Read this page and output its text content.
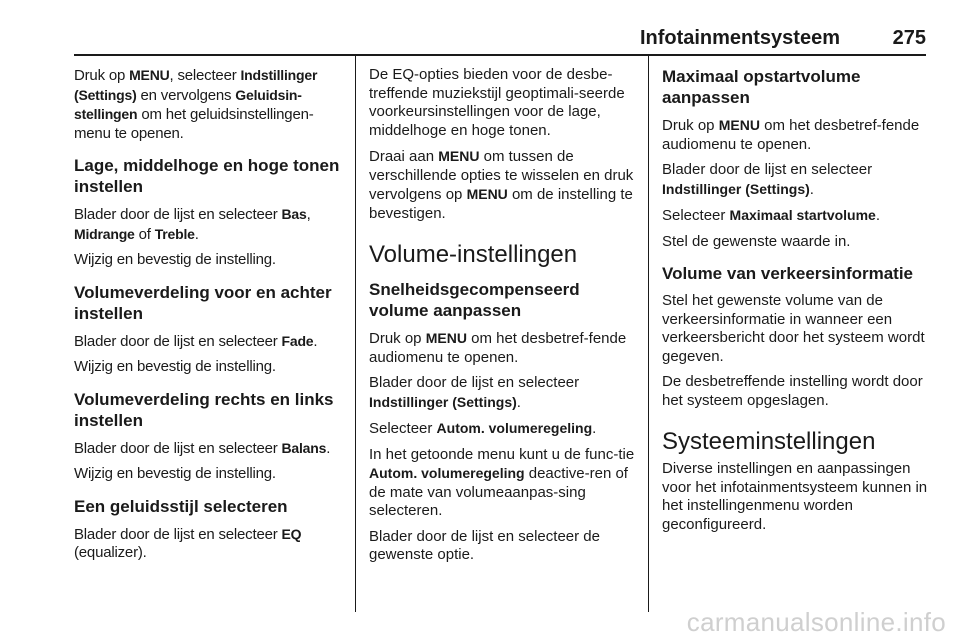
Infotainmentsysteem	275

Druk op MENU, selecteer Indstillinger (Settings) en vervolgens Geluidsin-stellingen om het geluidsinstellingen-menu te openen.

Lage, middelhoge en hoge tonen instellen

Blader door de lijst en selecteer Bas, Midrange of Treble.

Wijzig en bevestig de instelling.

Volumeverdeling voor en achter instellen

Blader door de lijst en selecteer Fade.

Wijzig en bevestig de instelling.

Volumeverdeling rechts en links instellen

Blader door de lijst en selecteer Balans.

Wijzig en bevestig de instelling.

Een geluidsstijl selecteren

Blader door de lijst en selecteer EQ (equalizer).

De EQ-opties bieden voor de desbe-treffende muziekstijl geoptimali-seerde voorkeursinstellingen voor de lage, middelhoge en hoge tonen.

Draai aan MENU om tussen de verschillende opties te wisselen en druk vervolgens op MENU om de instelling te bevestigen.

Volume-instellingen
Snelheidsgecompenseerd volume aanpassen

Druk op MENU om het desbetref-fende audiomenu te openen.

Blader door de lijst en selecteer Indstillinger (Settings).

Selecteer Autom. volumeregeling.

In het getoonde menu kunt u de func-tie Autom. volumeregeling deactive-ren of de mate van volumeaanpas-sing selecteren.

Blader door de lijst en selecteer de gewenste optie.

Maximaal opstartvolume aanpassen

Druk op MENU om het desbetref-fende audiomenu te openen.

Blader door de lijst en selecteer Indstillinger (Settings).

Selecteer Maximaal startvolume.

Stel de gewenste waarde in.

Volume van verkeersinformatie

Stel het gewenste volume van de verkeersinformatie in wanneer een verkeersbericht door het systeem wordt gegeven.

De desbetreffende instelling wordt door het systeem opgeslagen.

Systeeminstellingen

Diverse instellingen en aanpassingen voor het infotainmentsysteem kunnen in het instellingenmenu worden geconfigureerd.

carmanualsonline.info
